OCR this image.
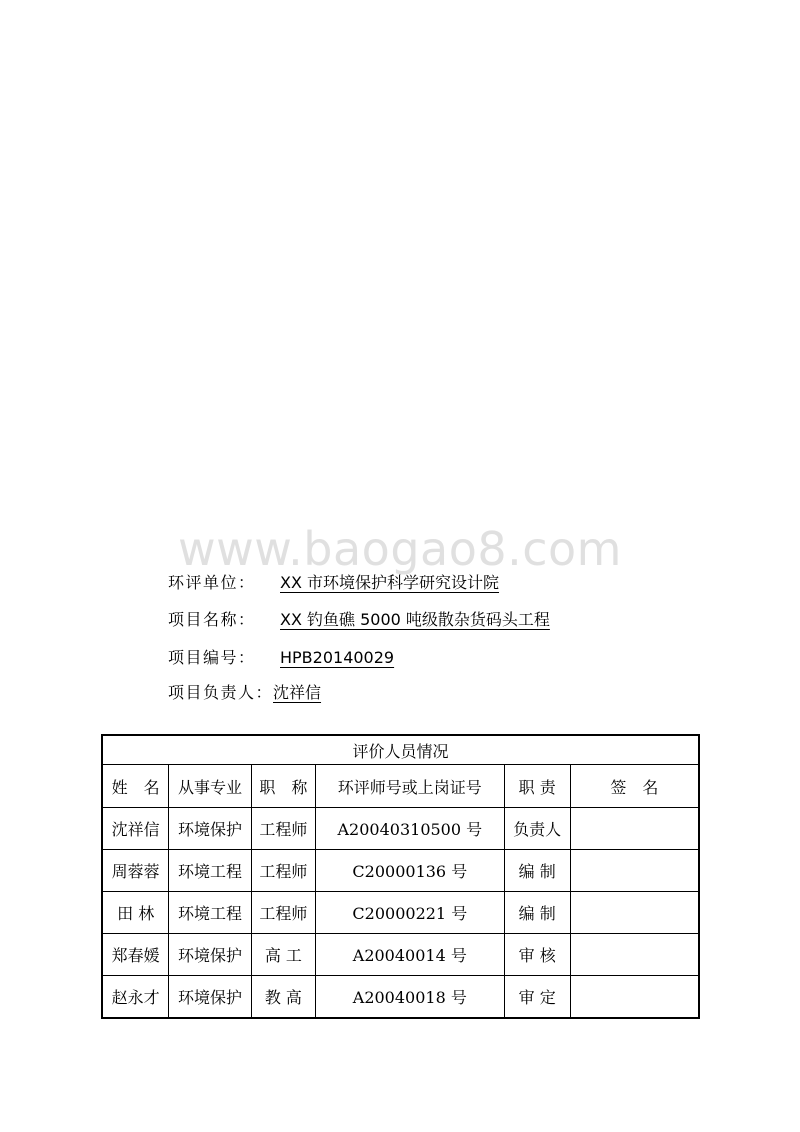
www.baogao8.com
环评单位：	XX 市环境保护科学研究设计院
项目名称：	XX 钓鱼礁 5000 吨级散杂货码头工程
项目编号：	HPB20140029
项目负责人： 沈祥信
评价人员情况					
姓　名	从事专业	职　称	环评师号或上岗证号	职 责	签　名
沈祥信	环境保护	工程师	A20040310500 号	负责人	
周蓉蓉	环境工程	工程师	C20000136 号	编 制	
田 林	环境工程	工程师	C20000221 号	编 制	
郑春媛	环境保护	高 工	A20040014 号	审 核	
赵永才	环境保护	教 高	A20040018 号	审 定	
